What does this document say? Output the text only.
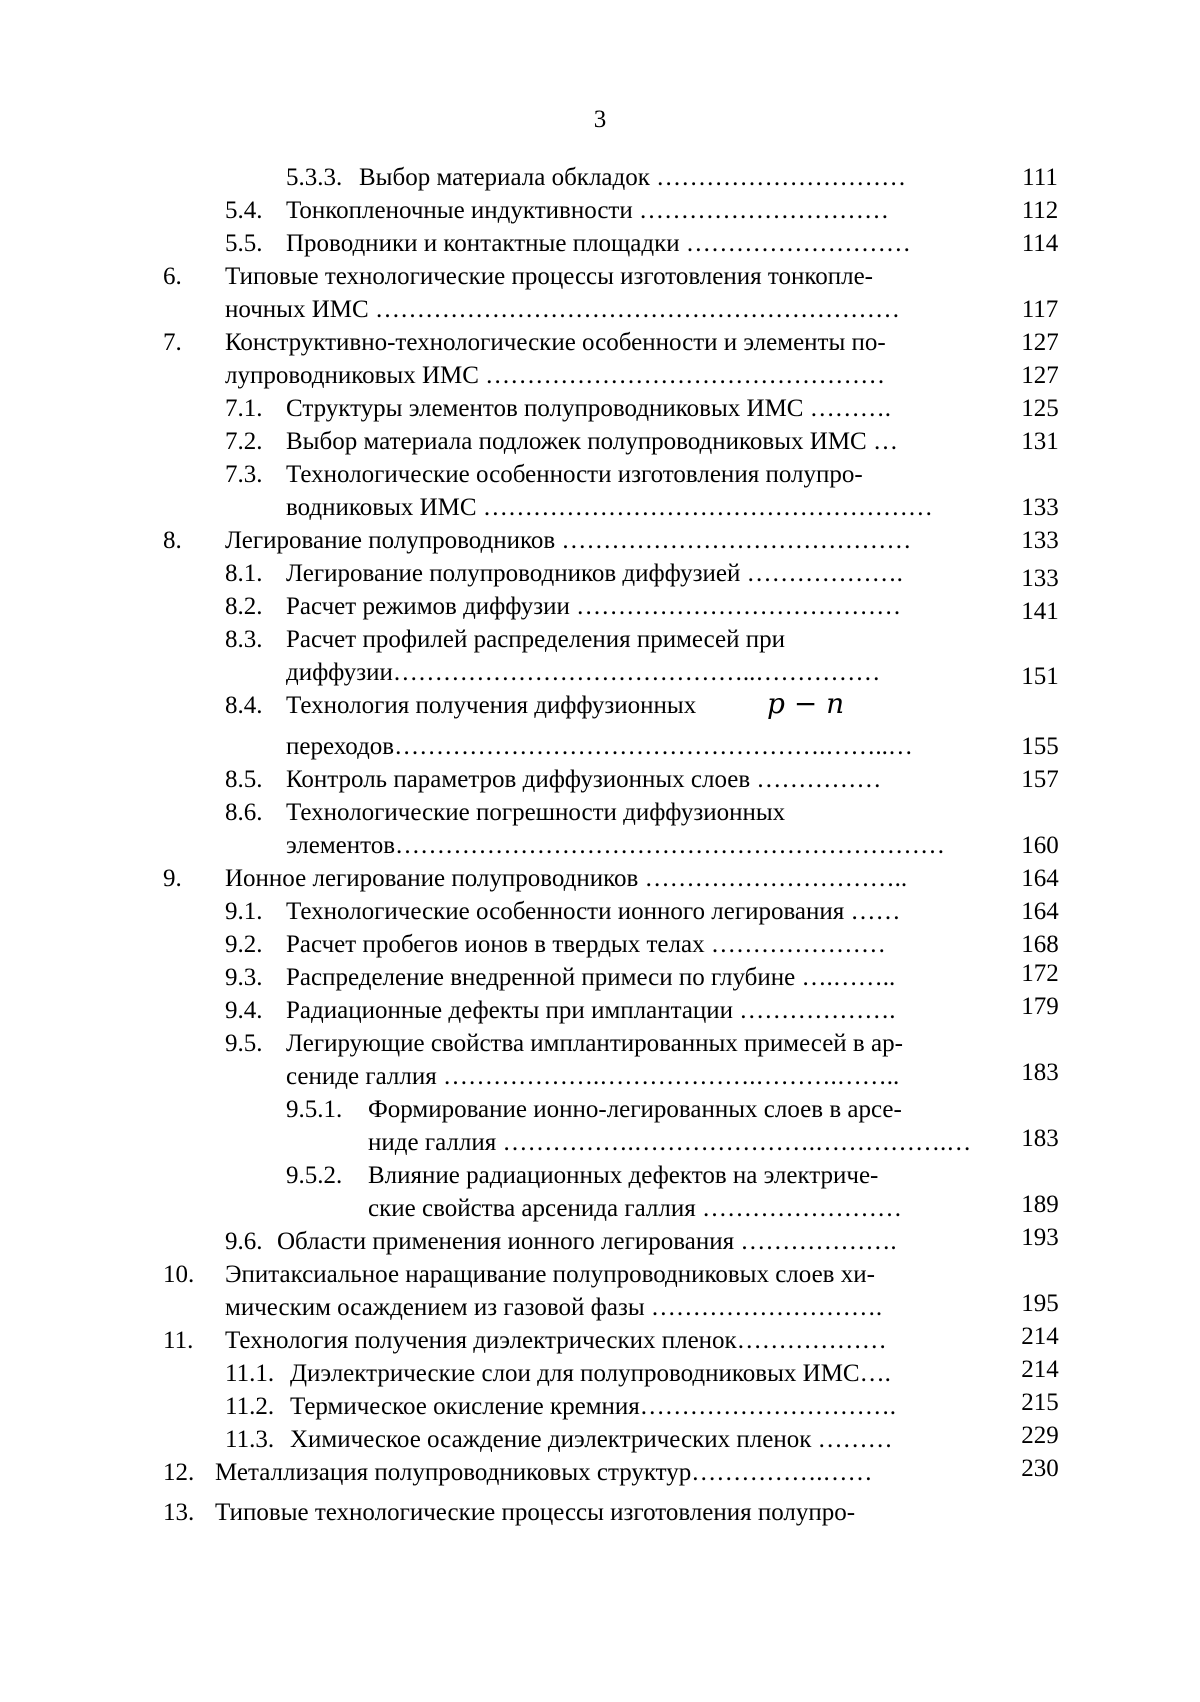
3
5.3.3. Выбор материала обкладок …………………………	111
5.4. Тонкопленочные индуктивности …………………………	112
5.5. Проводники и контактные площадки ………………………	114
6. Типовые технологические процессы изготовления тонкопле-
ночных ИМС ………………………………………………………	117
7. Конструктивно-технологические особенности и элементы по-	127
лупроводниковых ИМС …………………………………………	127
7.1. Структуры элементов полупроводниковых ИМС ……….	125
7.2. Выбор материала подложек полупроводниковых ИМС …	131
7.3. Технологические особенности изготовления полупро-
водниковых ИМС ………………………………………………	133
8. Легирование полупроводников ……………………………………	133
8.1. Легирование полупроводников диффузией ……………….	133
8.2. Расчет режимов диффузии …………………………………	141
8.3. Расчет профилей распределения примесей при
диффузии……………………………………..……………	151
8.4. Технология получения диффузионных	p − n
переходов…………………………………………….……..…	155
8.5. Контроль параметров диффузионных слоев ……………	157
8.6. Технологические погрешности диффузионных
элементов…………………………………………………………	160
9. Ионное легирование полупроводников …………………………..	164
9.1. Технологические особенности ионного легирования ……	164
9.2. Расчет пробегов ионов в твердых телах …………………	168
9.3. Распределение внедренной примеси по глубине ….……..	172
9.4. Радиационные дефекты при имплантации ……………….	179
9.5. Легирующие свойства имплантированных примесей в ар-
сениде галлия ……………….……………….……….……..	183
9.5.1. Формирование ионно-легированных слоев в арсе-
ниде галлия …………….………………….…………….…	183
9.5.2. Влияние радиационных дефектов на электриче-
ские свойства арсенида галлия ……………………	189
9.6. Области применения ионного легирования ……………….	193
10. Эпитаксиальное наращивание полупроводниковых слоев хи-
мическим осаждением из газовой фазы ……………………….	195
11. Технология получения диэлектрических пленок………………	214
11.1. Диэлектрические слои для полупроводниковых ИМС….	214
11.2. Термическое окисление кремния………………………….	215
11.3. Химическое осаждение диэлектрических пленок ………	229
12. Металлизация полупроводниковых структур…………….……	230
13. Типовые технологические процессы изготовления полупро-
